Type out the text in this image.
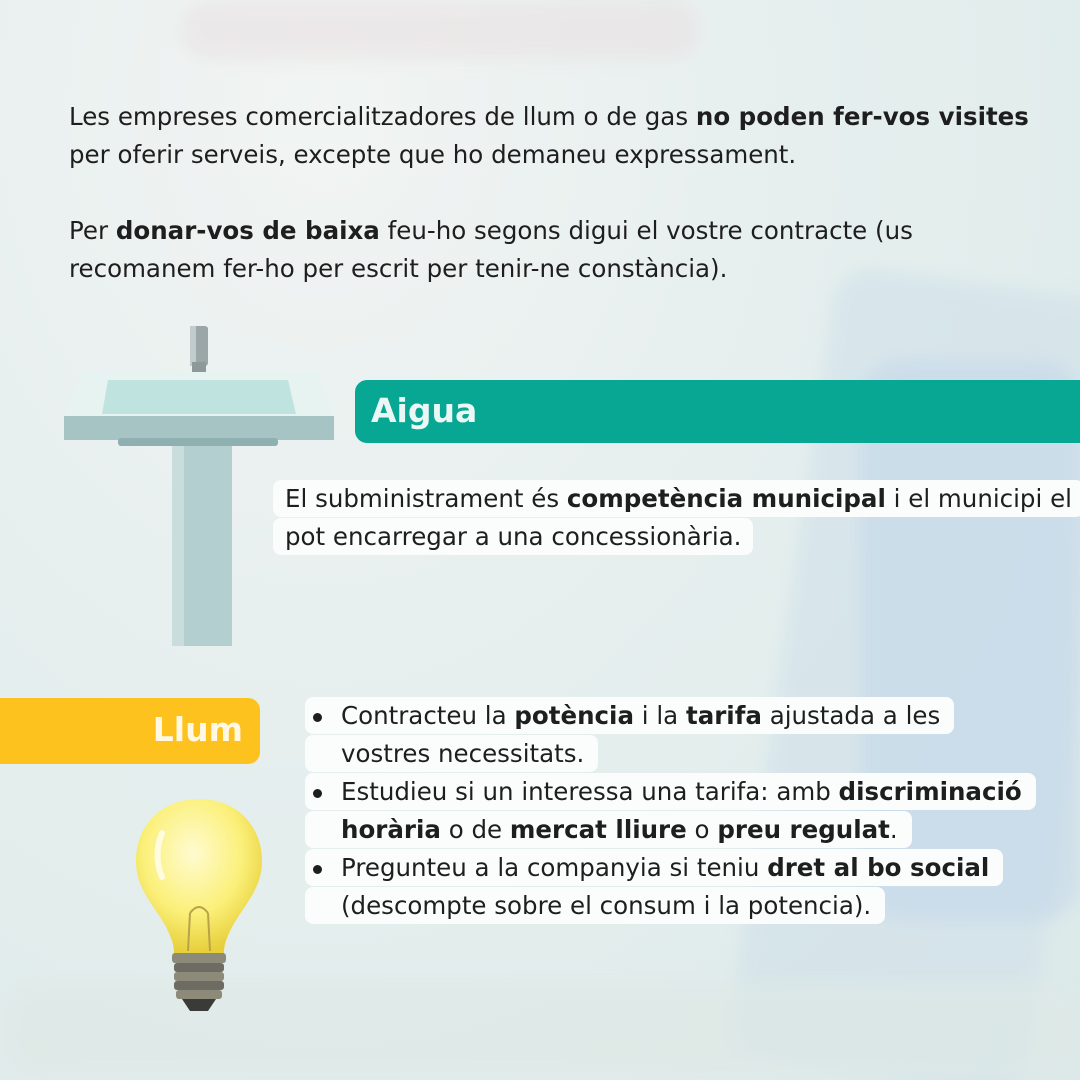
Les empreses comercialitzadores de llum o de gas no poden fer-vos visites per oferir serveis, excepte que ho demaneu expressament.

Per donar-vos de baixa feu-ho segons digui el vostre contracte (us recomanem fer-ho per escrit per tenir-ne constància).

Aigua
El subministrament és competència municipal i el municipi el pot encarregar a una concessionària.
Llum	Contracteu la potència i la tarifa ajustada a les vostres necessitats.
Estudieu si un interessa una tarifa: amb discriminació horària o de mercat lliure o preu regulat.
Pregunteu a la companyia si teniu dret al bo social (descompte sobre el consum i la potencia).
